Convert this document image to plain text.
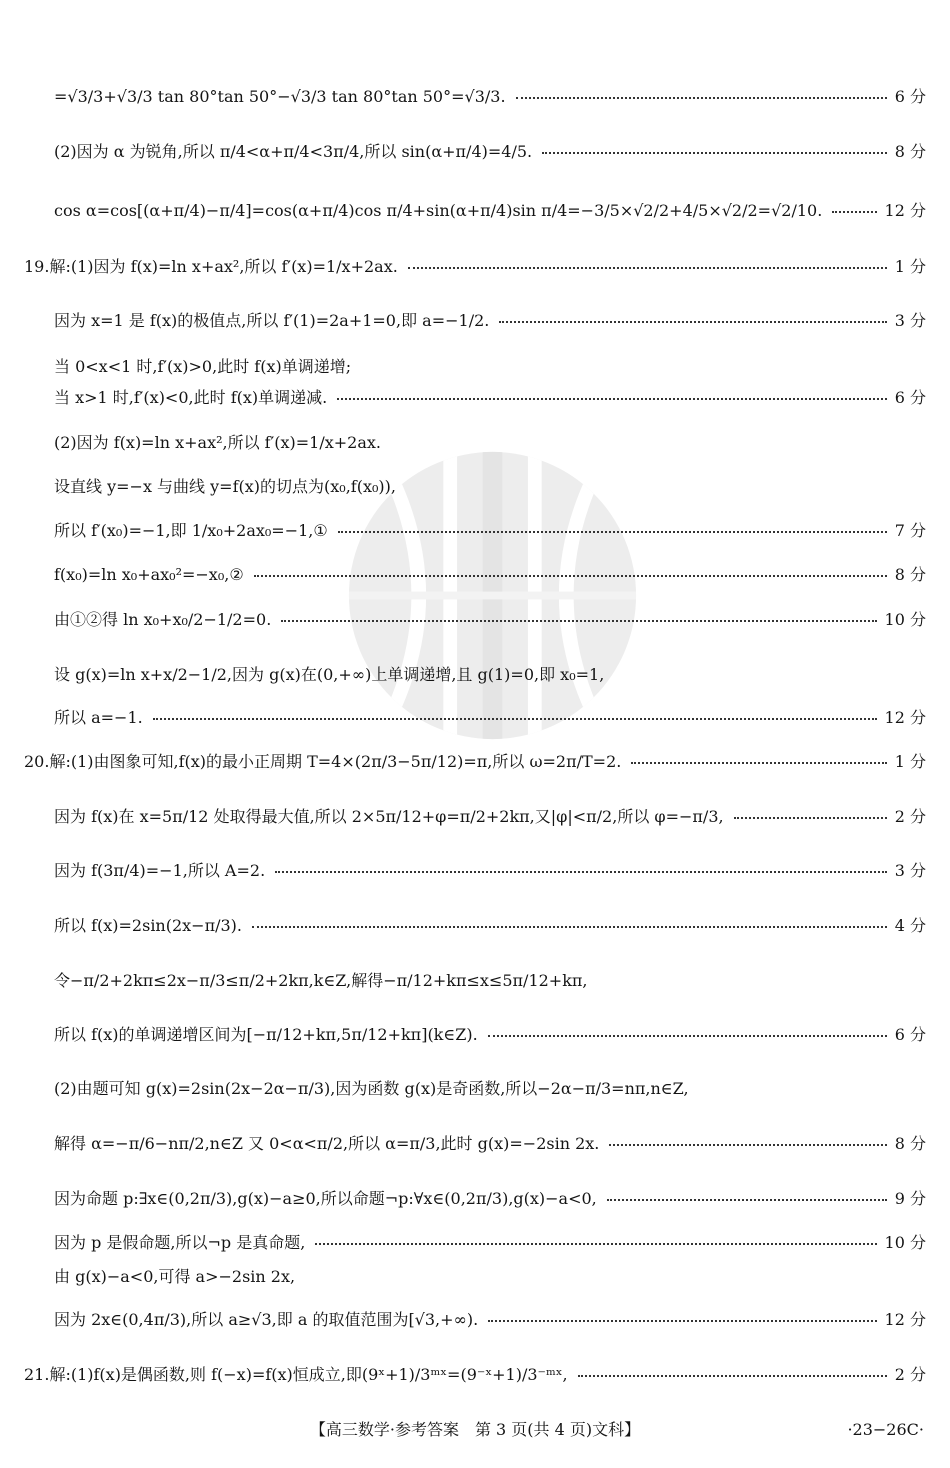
=√3/3+√3/3 tan 80°tan 50°−√3/3 tan 80°tan 50°=√3/3.	6 分
(2)因为 α 为锐角,所以 π/4<α+π/4<3π/4,所以 sin(α+π/4)=4/5.	8 分
cos α=cos[(α+π/4)−π/4]=cos(α+π/4)cos π/4+sin(α+π/4)sin π/4=−3/5×√2/2+4/5×√2/2=√2/10.	12 分
19.解:(1)因为 f(x)=ln x+ax²,所以 f′(x)=1/x+2ax.	1 分
因为 x=1 是 f(x)的极值点,所以 f′(1)=2a+1=0,即 a=−1/2.	3 分
当 0<x<1 时,f′(x)>0,此时 f(x)单调递增;
当 x>1 时,f′(x)<0,此时 f(x)单调递减.	6 分
(2)因为 f(x)=ln x+ax²,所以 f′(x)=1/x+2ax.
设直线 y=−x 与曲线 y=f(x)的切点为(x₀,f(x₀)),
所以 f′(x₀)=−1,即 1/x₀+2ax₀=−1,①	7 分
f(x₀)=ln x₀+ax₀²=−x₀,②	8 分
由①②得 ln x₀+x₀/2−1/2=0.	10 分
设 g(x)=ln x+x/2−1/2,因为 g(x)在(0,+∞)上单调递增,且 g(1)=0,即 x₀=1,
所以 a=−1.	12 分
20.解:(1)由图象可知,f(x)的最小正周期 T=4×(2π/3−5π/12)=π,所以 ω=2π/T=2.	1 分
因为 f(x)在 x=5π/12 处取得最大值,所以 2×5π/12+φ=π/2+2kπ,又|φ|<π/2,所以 φ=−π/3,	2 分
因为 f(3π/4)=−1,所以 A=2.	3 分
所以 f(x)=2sin(2x−π/3).	4 分
令−π/2+2kπ≤2x−π/3≤π/2+2kπ,k∈Z,解得−π/12+kπ≤x≤5π/12+kπ,
所以 f(x)的单调递增区间为[−π/12+kπ,5π/12+kπ](k∈Z).	6 分
(2)由题可知 g(x)=2sin(2x−2α−π/3),因为函数 g(x)是奇函数,所以−2α−π/3=nπ,n∈Z,
解得 α=−π/6−nπ/2,n∈Z 又 0<α<π/2,所以 α=π/3,此时 g(x)=−2sin 2x.	8 分
因为命题 p:∃x∈(0,2π/3),g(x)−a≥0,所以命题¬p:∀x∈(0,2π/3),g(x)−a<0,	9 分
因为 p 是假命题,所以¬p 是真命题,	10 分
由 g(x)−a<0,可得 a>−2sin 2x,
因为 2x∈(0,4π/3),所以 a≥√3,即 a 的取值范围为[√3,+∞).	12 分
21.解:(1)f(x)是偶函数,则 f(−x)=f(x)恒成立,即(9ˣ+1)/3ᵐˣ=(9⁻ˣ+1)/3⁻ᵐˣ,	2 分
【高三数学·参考答案　第 3 页(共 4 页)文科】	·23−26C·
